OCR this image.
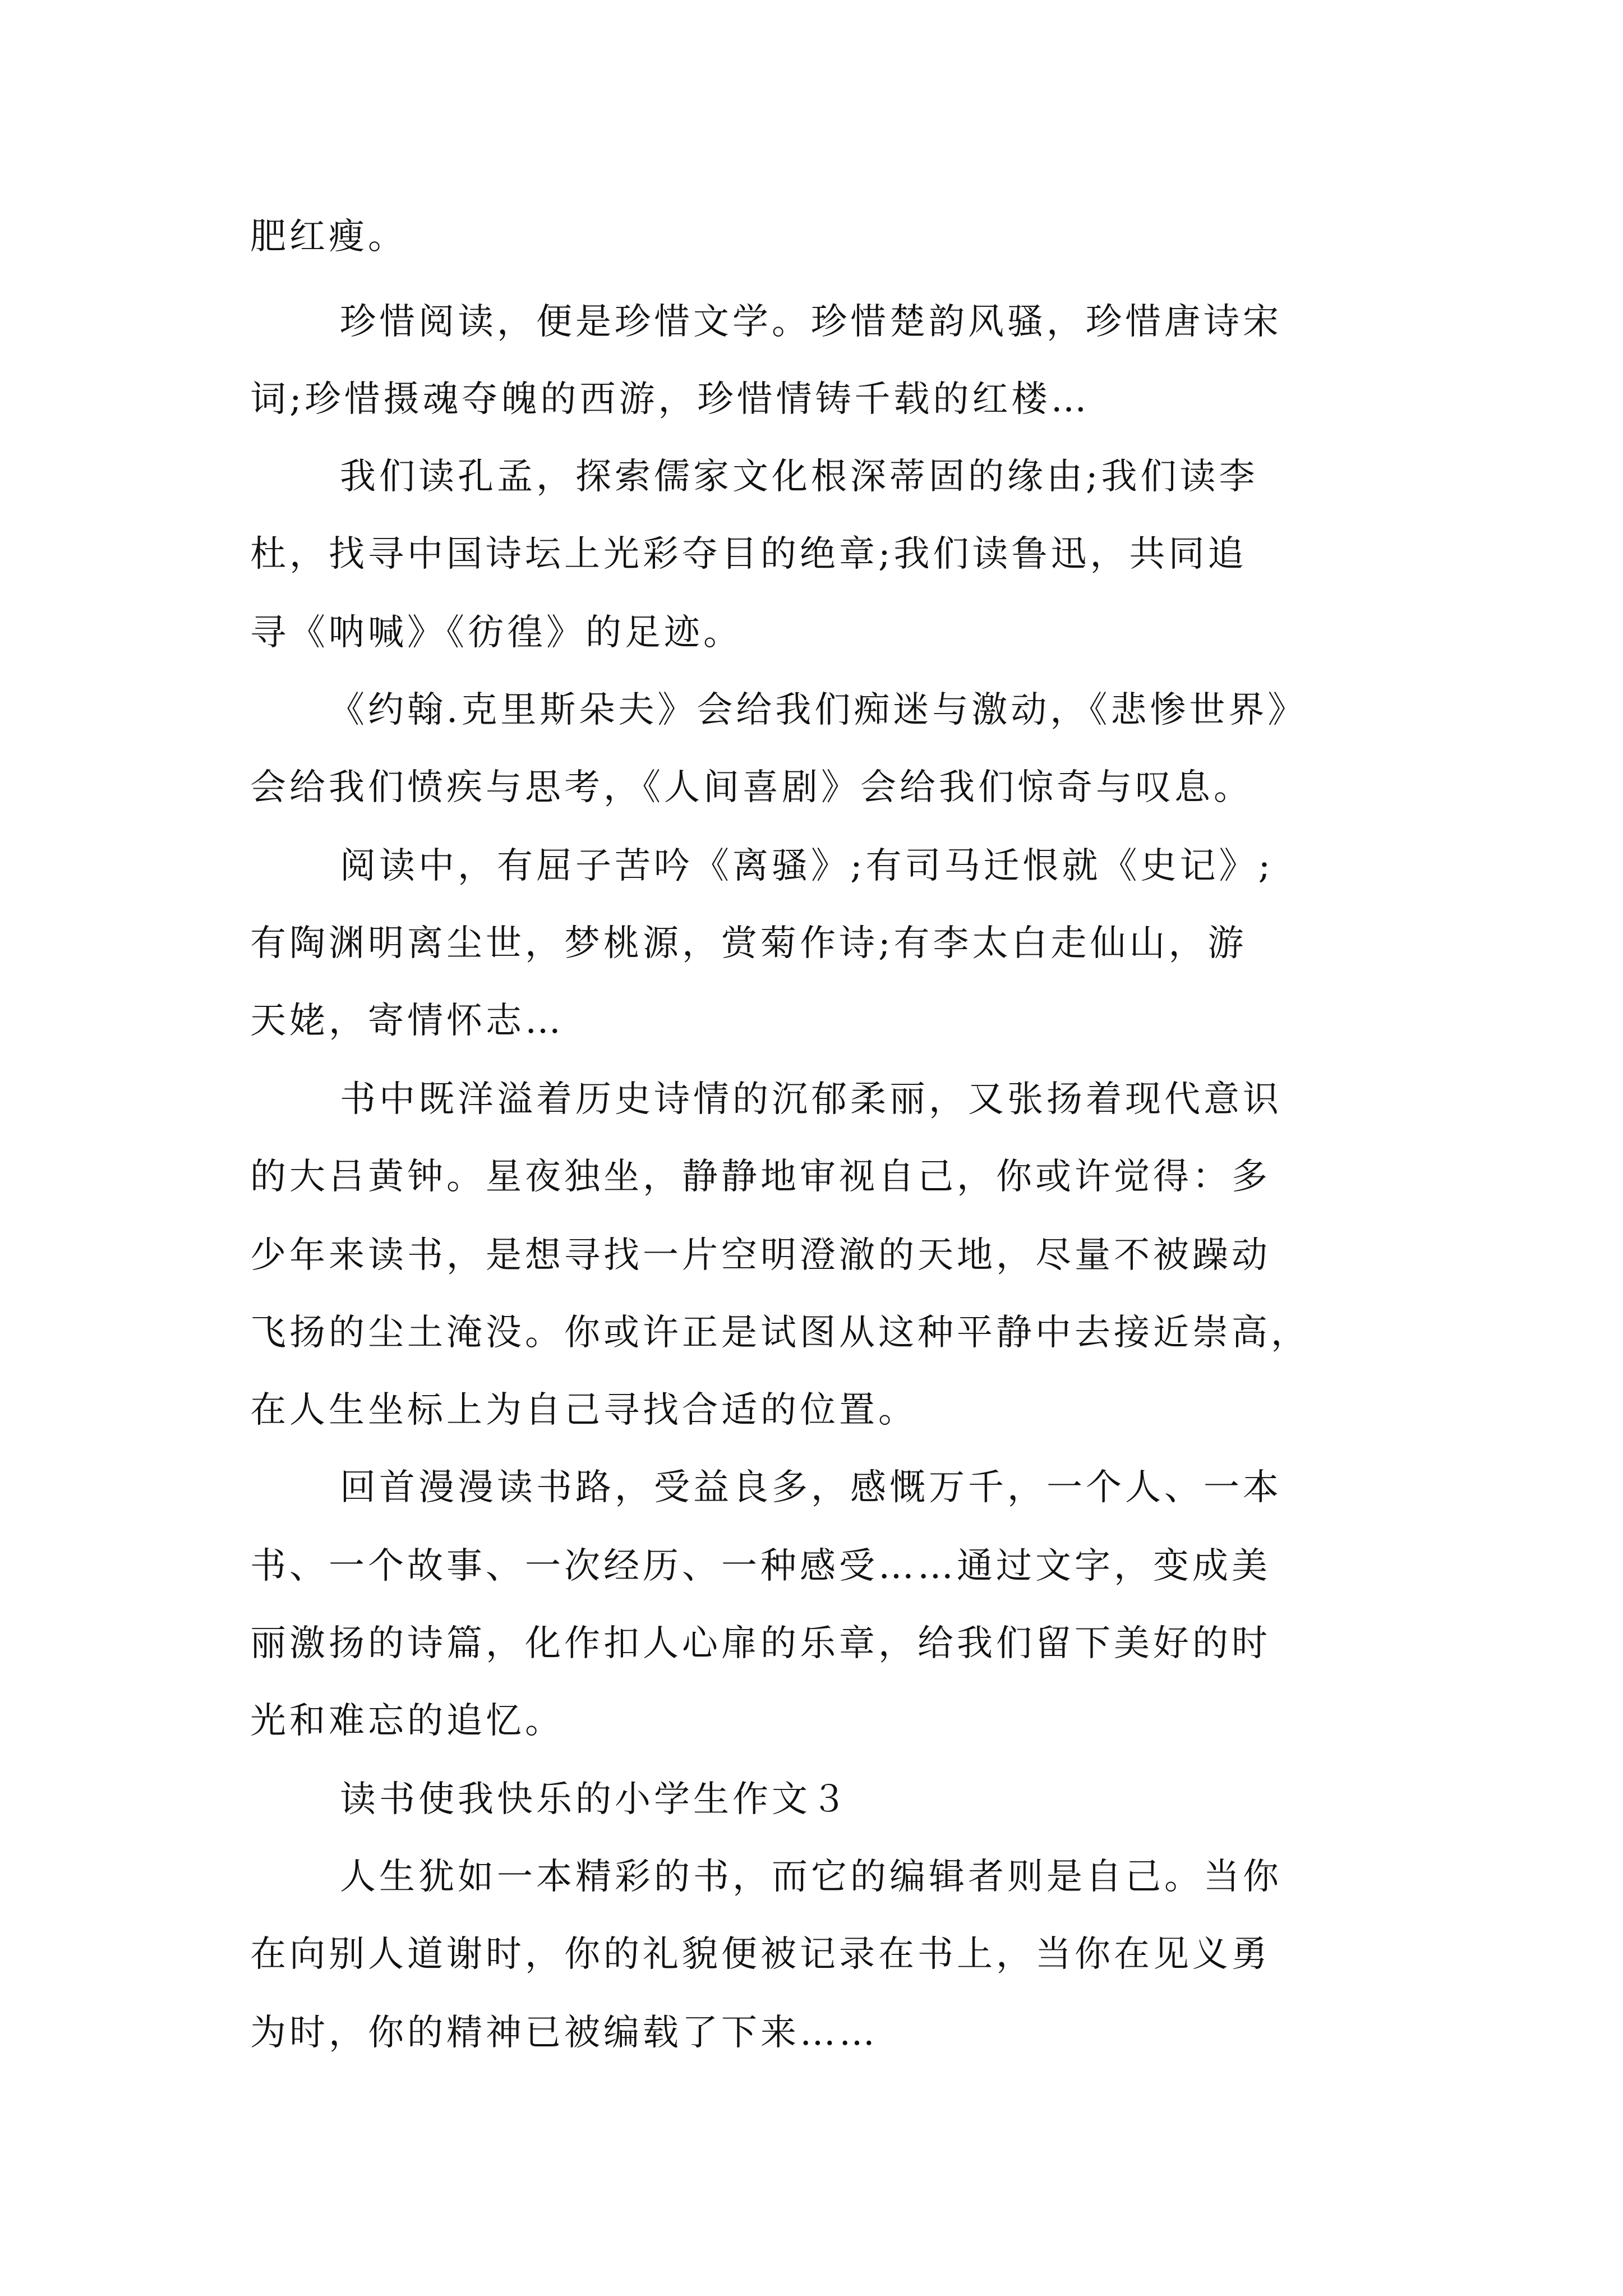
肥红瘦。
珍惜阅读，便是珍惜文学。珍惜楚韵风骚，珍惜唐诗宋
词;珍惜摄魂夺魄的西游，珍惜情铸千载的红楼…
我们读孔孟，探索儒家文化根深蒂固的缘由;我们读李
杜，找寻中国诗坛上光彩夺目的绝章;我们读鲁迅，共同追
寻《呐喊》《彷徨》的足迹。
《约翰.克里斯朵夫》会给我们痴迷与激动，《悲惨世界》
会给我们愤疾与思考，《人间喜剧》会给我们惊奇与叹息。
阅读中，有屈子苦吟《离骚》;有司马迁恨就《史记》;
有陶渊明离尘世，梦桃源，赏菊作诗;有李太白走仙山，游
天姥，寄情怀志…
书中既洋溢着历史诗情的沉郁柔丽，又张扬着现代意识
的大吕黄钟。星夜独坐，静静地审视自己，你或许觉得：多
少年来读书，是想寻找一片空明澄澈的天地，尽量不被躁动
飞扬的尘土淹没。你或许正是试图从这种平静中去接近崇高，
在人生坐标上为自己寻找合适的位置。
回首漫漫读书路，受益良多，感慨万千，一个人、一本
书、一个故事、一次经历、一种感受……通过文字，变成美
丽激扬的诗篇，化作扣人心扉的乐章，给我们留下美好的时
光和难忘的追忆。
读书使我快乐的小学生作文３
人生犹如一本精彩的书，而它的编辑者则是自己。当你
在向别人道谢时，你的礼貌便被记录在书上，当你在见义勇
为时，你的精神已被编载了下来……
